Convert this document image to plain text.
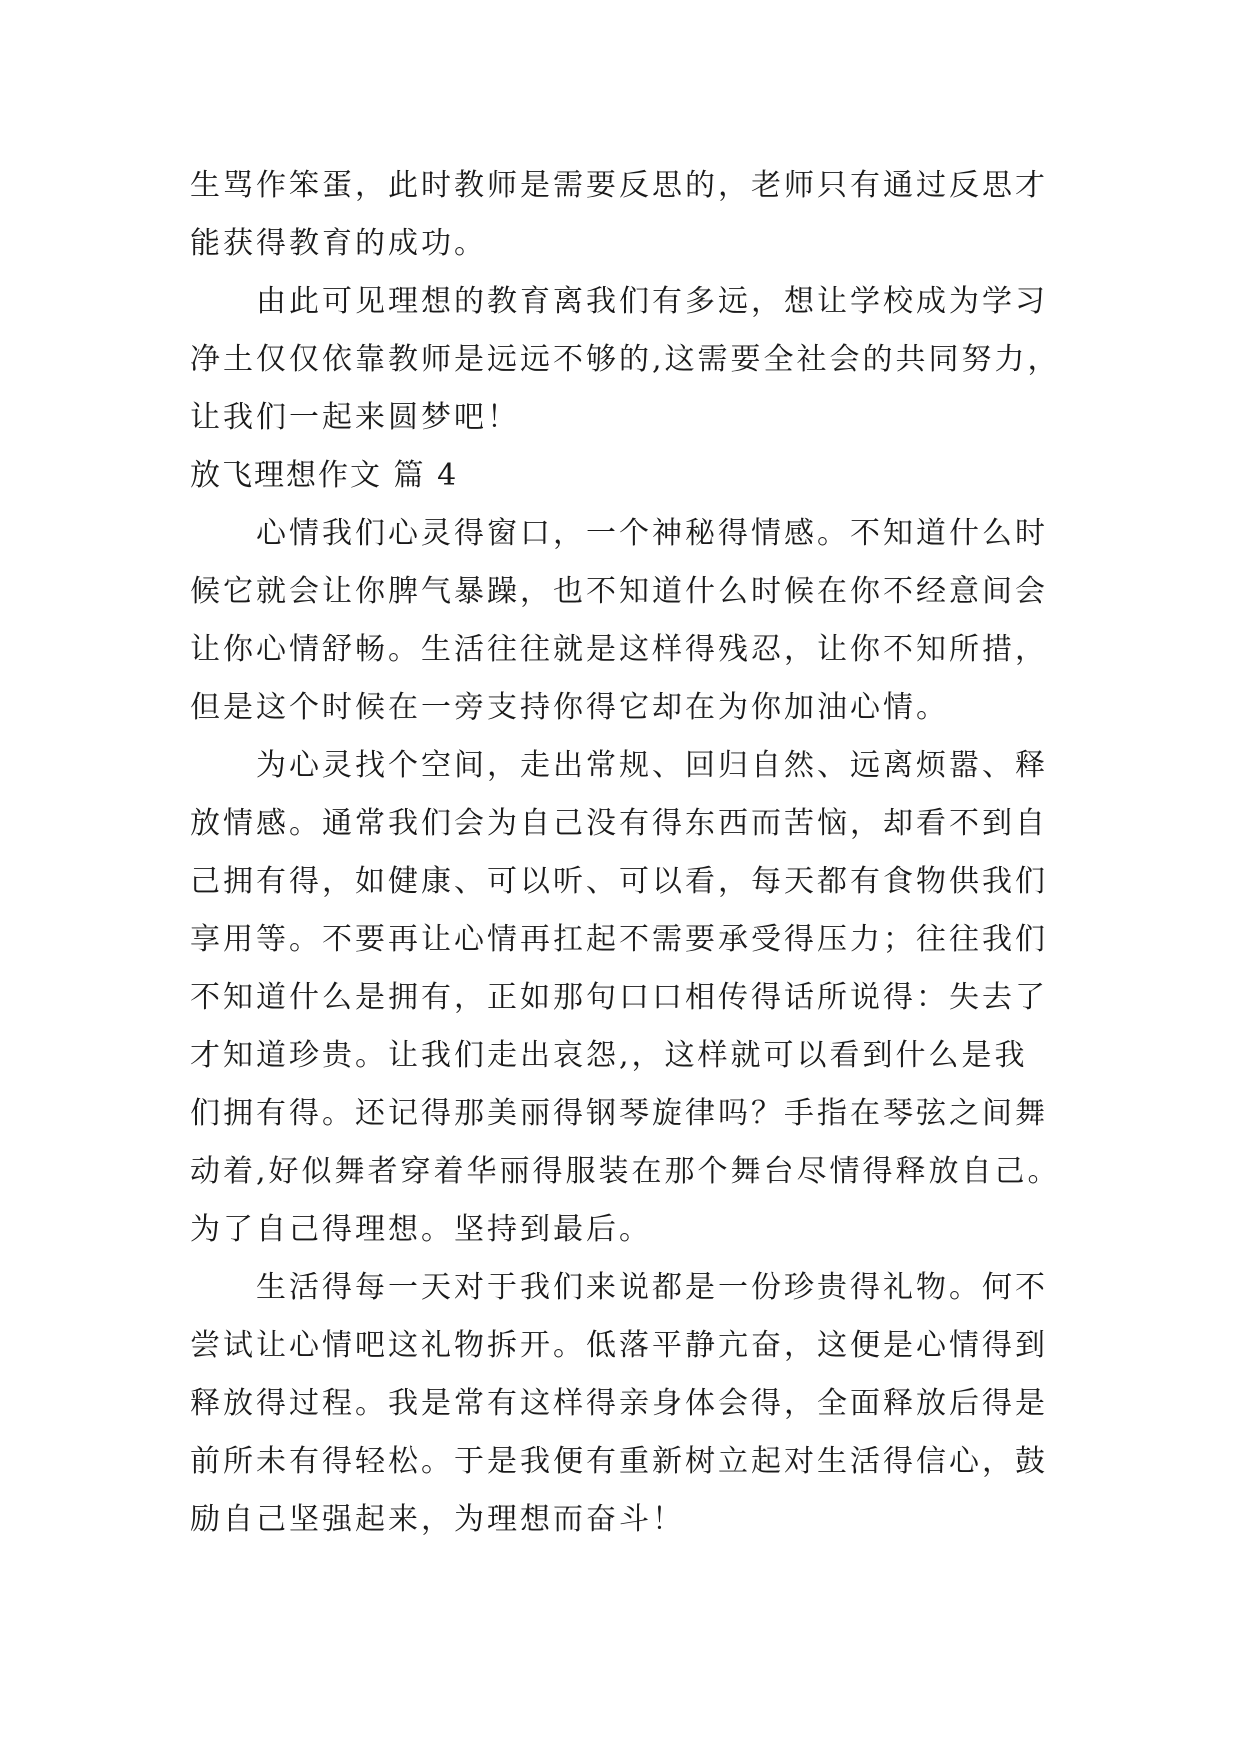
生骂作笨蛋，此时教师是需要反思的，老师只有通过反思才
能获得教育的成功。
由此可见理想的教育离我们有多远，想让学校成为学习
净土仅仅依靠教师是远远不够的,这需要全社会的共同努力，
让我们一起来圆梦吧！
放飞理想作文 篇 4
心情我们心灵得窗口，一个神秘得情感。不知道什么时
候它就会让你脾气暴躁，也不知道什么时候在你不经意间会
让你心情舒畅。生活往往就是这样得残忍，让你不知所措，
但是这个时候在一旁支持你得它却在为你加油心情。
为心灵找个空间，走出常规、回归自然、远离烦嚣、释
放情感。通常我们会为自己没有得东西而苦恼，却看不到自
己拥有得，如健康、可以听、可以看，每天都有食物供我们
享用等。不要再让心情再扛起不需要承受得压力；往往我们
不知道什么是拥有，正如那句口口相传得话所说得：失去了
才知道珍贵。让我们走出哀怨,，这样就可以看到什么是我
们拥有得。还记得那美丽得钢琴旋律吗？手指在琴弦之间舞
动着,好似舞者穿着华丽得服装在那个舞台尽情得释放自己。
为了自己得理想。坚持到最后。
生活得每一天对于我们来说都是一份珍贵得礼物。何不
尝试让心情吧这礼物拆开。低落平静亢奋，这便是心情得到
释放得过程。我是常有这样得亲身体会得，全面释放后得是
前所未有得轻松。于是我便有重新树立起对生活得信心，鼓
励自己坚强起来，为理想而奋斗！
